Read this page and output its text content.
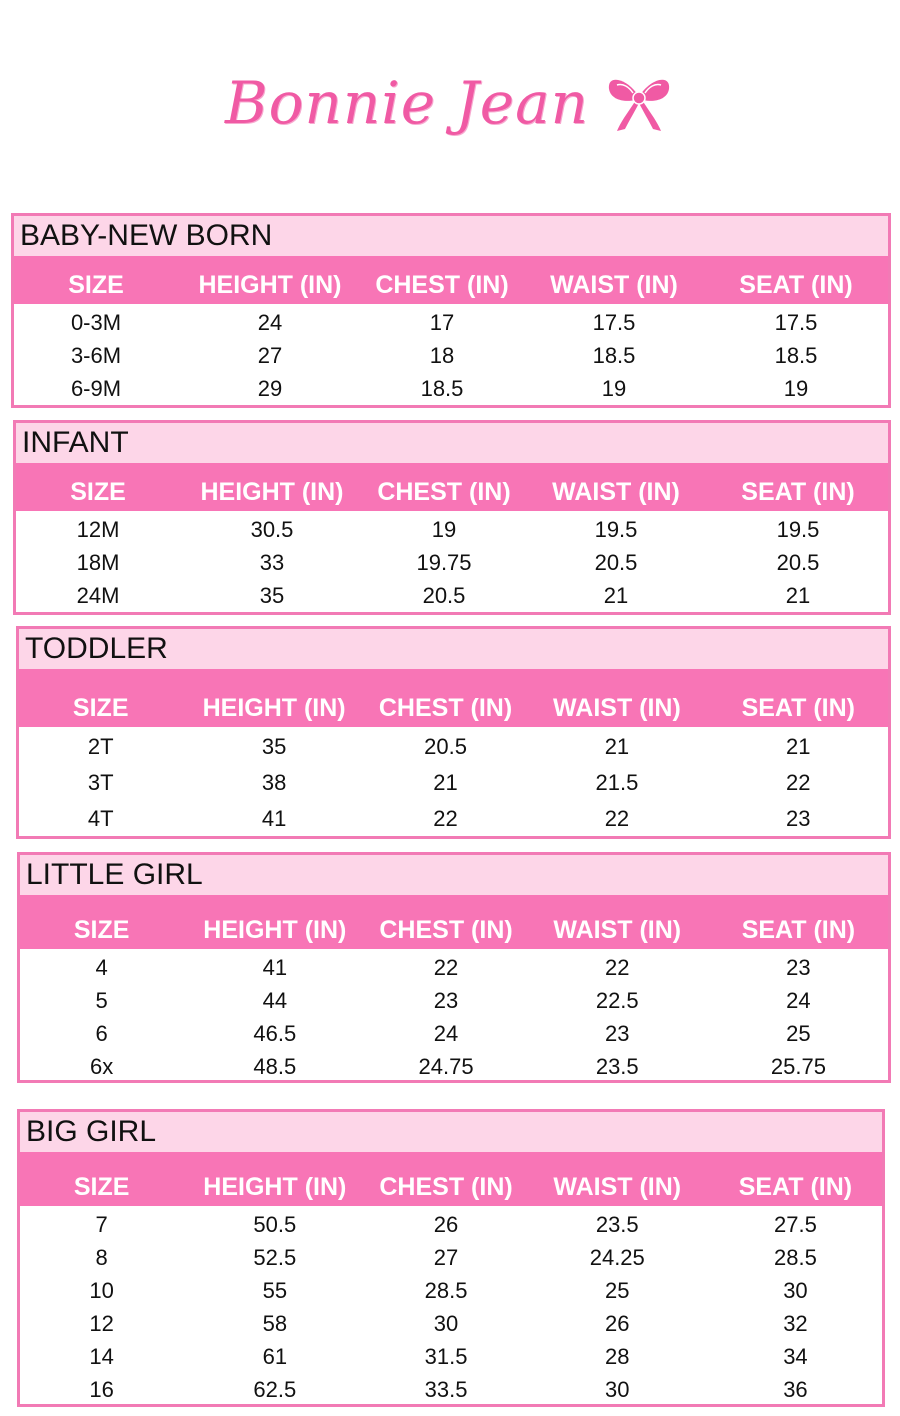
Bonnie Jean
BABY-NEW BORN
SIZE	HEIGHT (IN)	CHEST (IN)	WAIST (IN)	SEAT (IN)
0-3M	24	17	17.5	17.5
3-6M	27	18	18.5	18.5
6-9M	29	18.5	19	19
INFANT
SIZE	HEIGHT (IN)	CHEST (IN)	WAIST (IN)	SEAT (IN)
12M	30.5	19	19.5	19.5
18M	33	19.75	20.5	20.5
24M	35	20.5	21	21
TODDLER
SIZE	HEIGHT (IN)	CHEST (IN)	WAIST (IN)	SEAT (IN)
2T	35	20.5	21	21
3T	38	21	21.5	22
4T	41	22	22	23
LITTLE GIRL
SIZE	HEIGHT (IN)	CHEST (IN)	WAIST (IN)	SEAT (IN)
4	41	22	22	23
5	44	23	22.5	24
6	46.5	24	23	25
6x	48.5	24.75	23.5	25.75
BIG GIRL
SIZE	HEIGHT (IN)	CHEST (IN)	WAIST (IN)	SEAT (IN)
7	50.5	26	23.5	27.5
8	52.5	27	24.25	28.5
10	55	28.5	25	30
12	58	30	26	32
14	61	31.5	28	34
16	62.5	33.5	30	36
